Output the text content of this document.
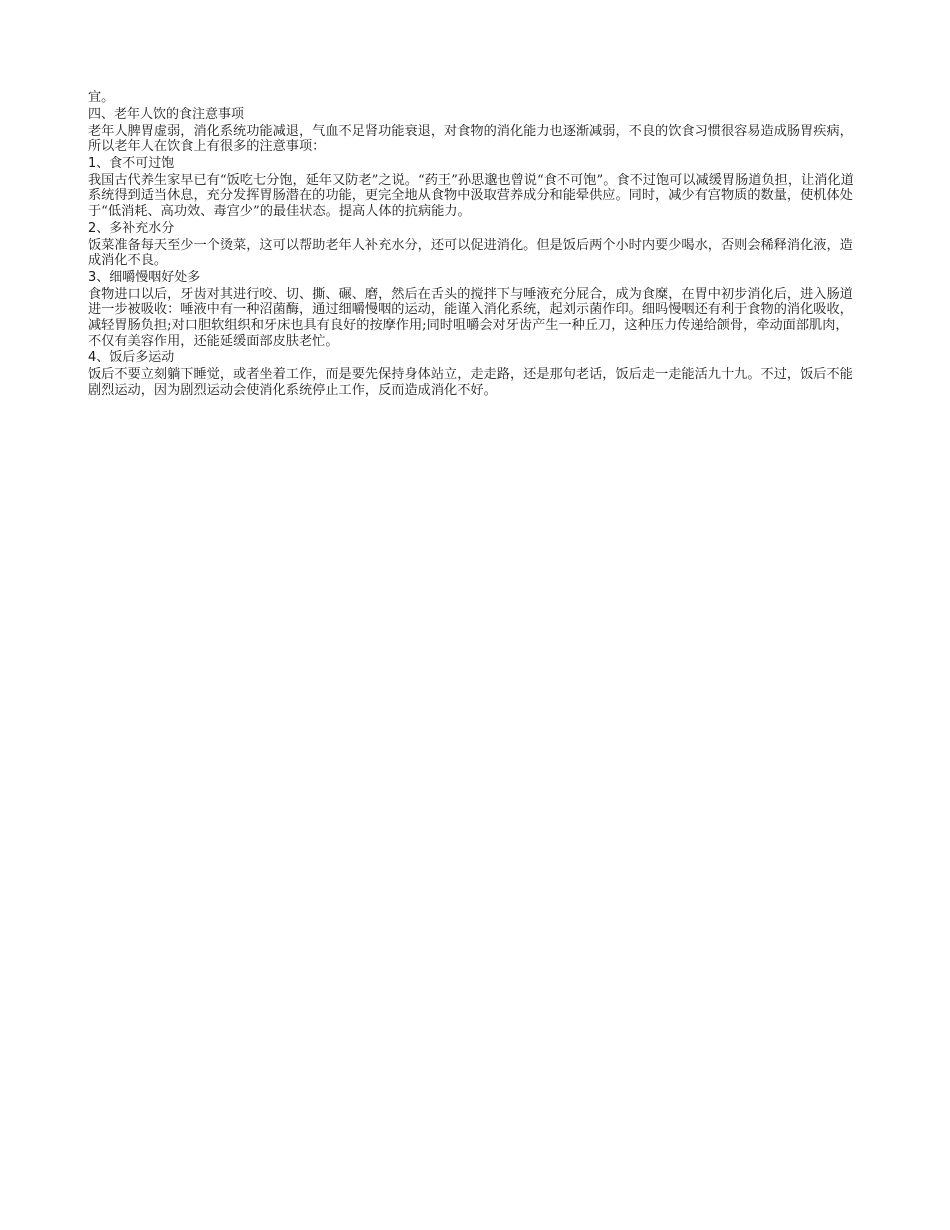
宜。

四、老年人饮的食注意事项

老年人脾胃虚弱，消化系统功能减退，气血不足肾功能衰退，对食物的消化能力也逐渐减弱，不良的饮食习惯很容易造成肠胃疾病，所以老年人在饮食上有很多的注意事项：

1、食不可过饱

我国古代养生家早已有“饭吃七分饱，延年又防老”之说。“药王”孙思邈也曾说“食不可饱”。食不过饱可以减缓胃肠道负担，让消化道系统得到适当休息，充分发挥胃肠潜在的功能，更完全地从食物中汲取营养成分和能晕供应。同时，减少有宫物质的数量，使机体处于“低消耗、高功效、毒宫少”的最佳状态。提高人体的抗病能力。

2、多补充水分

饭菜准备每天至少一个烫菜，这可以帮助老年人补充水分，还可以促进消化。但是饭后两个小时内要少喝水，否则会稀释消化液，造成消化不良。

3、细嚼慢咽好处多

食物进口以后，牙齿对其进行咬、切、撕、碾、磨，然后在舌头的搅拌下与唾液充分屁合，成为食糜，在胃中初步消化后，进入肠道进一步被吸收：唾液中有一种沼菌酶，通过细嚼慢咽的运动，能谨入消化系统，起刘示菌作印。细吗慢咽还有利于食物的消化吸收，减轻胃肠负担;对口胆软组织和牙床也具有良好的按摩作用;同时咀嚼会对牙齿产生一种丘刀，这种压力传递给颌骨，牵动面部肌肉，不仅有美容作用，还能延缓面部皮肤老忙。

4、饭后多运动

饭后不要立刻躺下睡觉，或者坐着工作，而是要先保持身体站立，走走路，还是那句老话，饭后走一走能活九十九。不过，饭后不能剧烈运动，因为剧烈运动会使消化系统停止工作，反而造成消化不好。
